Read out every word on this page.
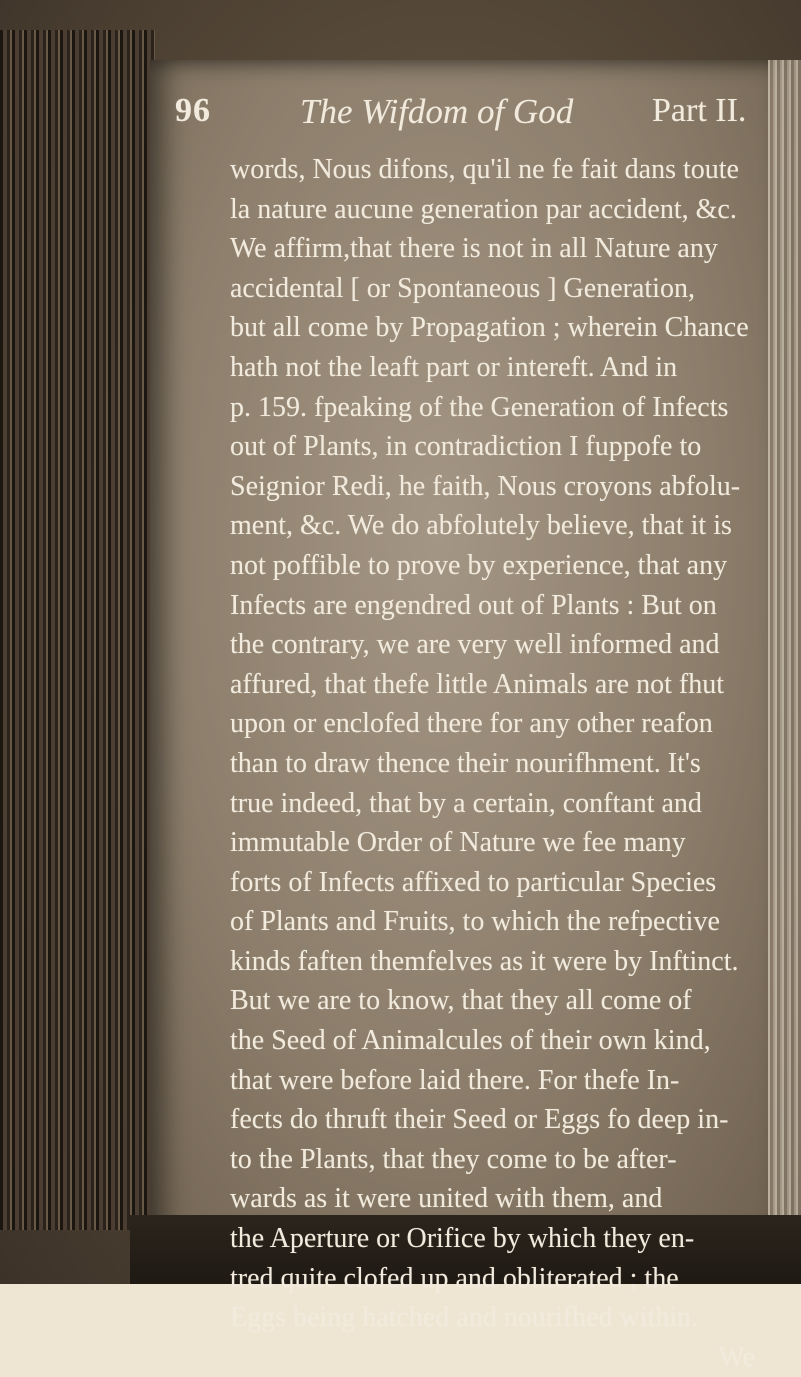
96	The Wifdom of God Part II.
words, Nous difons, qu'il ne fe fait dans toute
la nature aucune generation par accident, &c.
We affirm,that there is not in all Nature any
accidental [ or Spontaneous ] Generation,
but all come by Propagation ; wherein Chance
hath not the leaft part or intereft. And in
p. 159. fpeaking of the Generation of Infects
out of Plants, in contradiction I fuppofe to
Seignior Redi, he faith, Nous croyons abfolu-
ment, &c. We do abfolutely believe, that it is
not poffible to prove by experience, that any
Infects are engendred out of Plants : But on
the contrary, we are very well informed and
affured, that thefe little Animals are not fhut
upon or enclofed there for any other reafon
than to draw thence their nourifhment. It's
true indeed, that by a certain, conftant and
immutable Order of Nature we fee many
forts of Infects affixed to particular Species
of Plants and Fruits, to which the refpective
kinds faften themfelves as it were by Inftinct.
But we are to know, that they all come of
the Seed of Animalcules of their own kind,
that were before laid there. For thefe In-
fects do thruft their Seed or Eggs fo deep in-
to the Plants, that they come to be after-
wards as it were united with them, and
the Aperture or Orifice by which they en-
tred quite clofed up and obliterated ; the
Eggs being hatched and nourifhed within.
We
